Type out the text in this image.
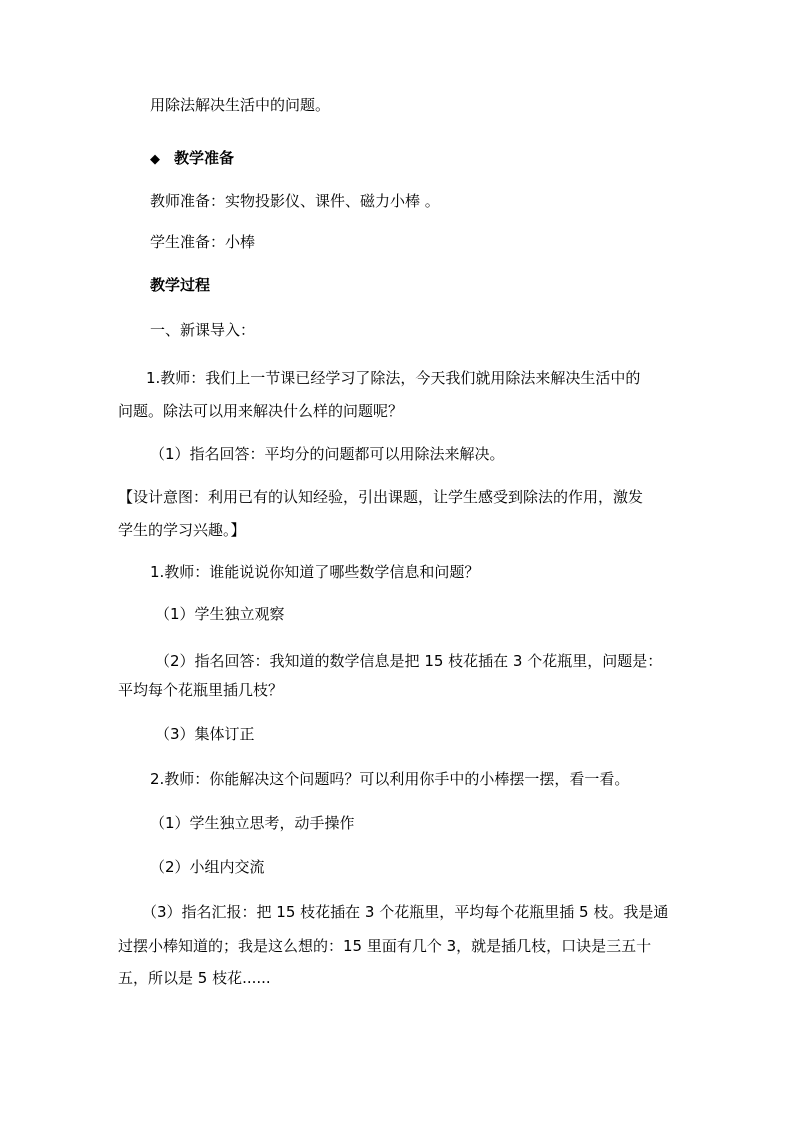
用除法解决生活中的问题。

◆ 教学准备

教师准备：实物投影仪、课件、磁力小棒 。

学生准备：小棒

教学过程

一、新课导入：

1.教师：我们上一节课已经学习了除法，今天我们就用除法来解决生活中的

问题。除法可以用来解决什么样的问题呢？

（1）指名回答：平均分的问题都可以用除法来解决。

【设计意图：利用已有的认知经验，引出课题，让学生感受到除法的作用，激发

学生的学习兴趣。】

1.教师：谁能说说你知道了哪些数学信息和问题？

（1）学生独立观察

（2）指名回答：我知道的数学信息是把 15 枝花插在 3 个花瓶里，问题是：

平均每个花瓶里插几枝？

（3）集体订正

2.教师：你能解决这个问题吗？可以利用你手中的小棒摆一摆，看一看。

（1）学生独立思考，动手操作

（2）小组内交流

（3）指名汇报：把 15 枝花插在 3 个花瓶里，平均每个花瓶里插 5 枝。我是通

过摆小棒知道的；我是这么想的：15 里面有几个 3，就是插几枝，口诀是三五十

五，所以是 5 枝花......
